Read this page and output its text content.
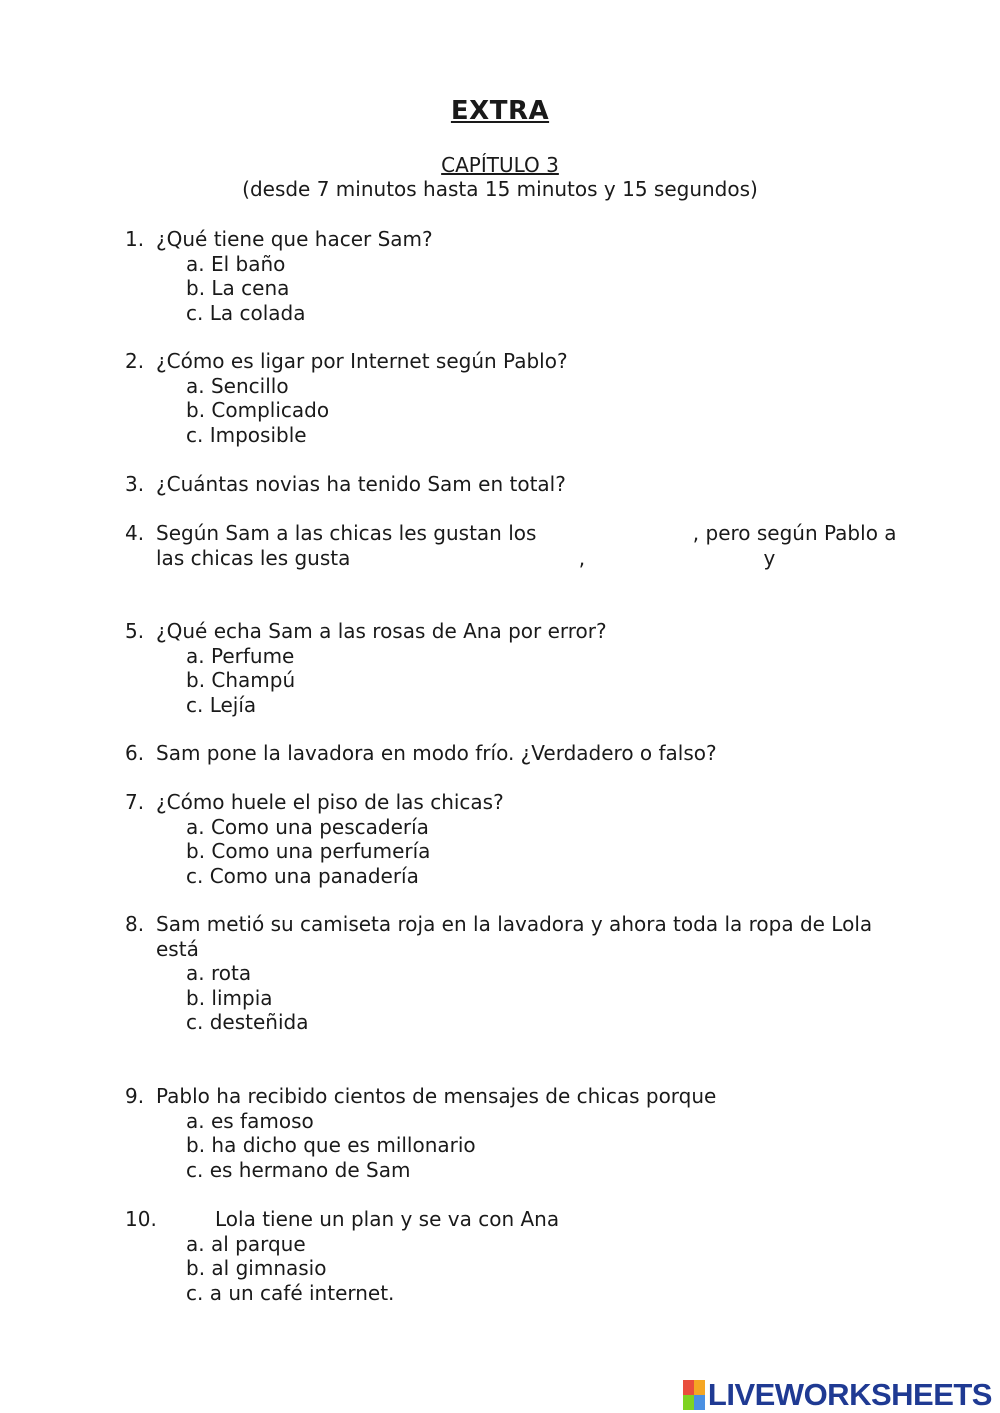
EXTRA
CAPÍTULO 3
(desde 7 minutos hasta 15 minutos y 15 segundos)
1. ¿Qué tiene que hacer Sam?
a. El baño
b. La cena
c. La colada
2. ¿Cómo es ligar por Internet según Pablo?
a. Sencillo
b. Complicado
c. Imposible
3. ¿Cuántas novias ha tenido Sam en total?
4. Según Sam a las chicas les gustan los	, pero según Pablo a las chicas les gusta	,	y
5. ¿Qué echa Sam a las rosas de Ana por error?
a. Perfume
b. Champú
c. Lejía
6. Sam pone la lavadora en modo frío. ¿Verdadero o falso?
7. ¿Cómo huele el piso de las chicas?
a. Como una pescadería
b. Como una perfumería
c. Como una panadería
8. Sam metió su camiseta roja en la lavadora y ahora toda la ropa de Lola está
a. rota
b. limpia
c. desteñida
9. Pablo ha recibido cientos de mensajes de chicas porque
a. es famoso
b. ha dicho que es millonario
c. es hermano de Sam
10.	Lola tiene un plan y se va con Ana
a. al parque
b. al gimnasio
c. a un café internet.
LIVEWORKSHEETS
